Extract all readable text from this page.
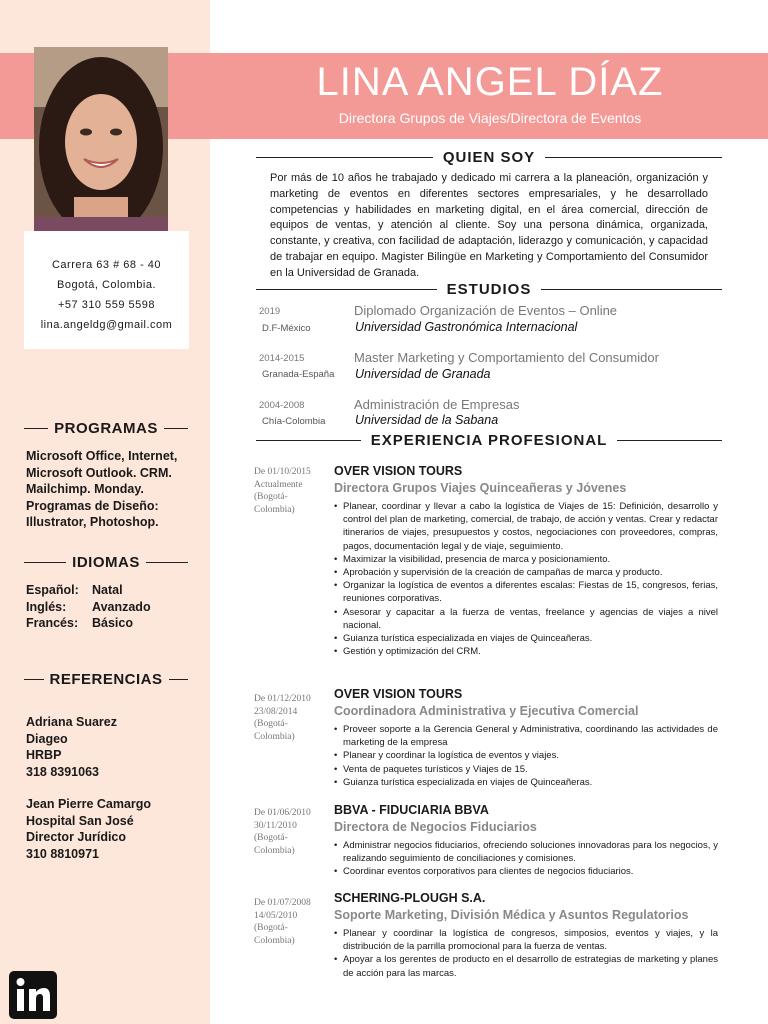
LINA ANGEL DÍAZ
Directora Grupos de Viajes/Directora de Eventos
Carrera 63 # 68 - 40
Bogotá, Colombia.
+57 310 559 5598
lina.angeldg@gmail.com
PROGRAMAS
Microsoft Office, Internet,
Microsoft Outlook. CRM.
Mailchimp. Monday.
Programas de Diseño:
Illustrator, Photoshop.
IDIOMAS
Español:	Natal
Inglés:	Avanzado
Francés:	Básico
REFERENCIAS
Adriana Suarez
Diageo
HRBP
318 8391063
Jean Pierre Camargo
Hospital San José
Director Jurídico
310 8810971
QUIEN SOY
Por más de 10 años he trabajado y dedicado mi carrera a la planeación, organización y marketing de eventos en diferentes sectores empresariales, y he desarrollado competencias y habilidades en marketing digital, en el área comercial, dirección de equipos de ventas, y atención al cliente. Soy una persona dinámica, organizada, constante, y creativa, con facilidad de adaptación, liderazgo y comunicación, y capacidad de trabajar en equipo. Magister Bilingüe en Marketing y Comportamiento del Consumidor en la Universidad de Granada.
ESTUDIOS
2019
D.F-México
Diplomado Organización de Eventos – Online
Universidad Gastronómica Internacional
2014-2015
Granada-España
Master Marketing y Comportamiento del Consumidor
Universidad de Granada
2004-2008
Chía-Colombia
Administración de Empresas
Universidad de la Sabana
EXPERIENCIA PROFESIONAL
De 01/10/2015
Actualmente
(Bogotá-
Colombia)
OVER VISION TOURS
Directora Grupos Viajes Quinceañeras y Jóvenes
• Planear, coordinar y llevar a cabo la logística de Viajes de 15: Definición, desarrollo y control del plan de marketing, comercial, de trabajo, de acción y ventas. Crear y redactar itinerarios de viajes, presupuestos y costos, negociaciones con proveedores, compras, pagos, documentación legal y de viaje, seguimiento.
• Maximizar la visibilidad, presencia de marca y posicionamiento.
• Aprobación y supervisión de la creación de campañas de marca y producto.
• Organizar la logística de eventos a diferentes escalas: Fiestas de 15, congresos, ferias, reuniones corporativas.
• Asesorar y capacitar a la fuerza de ventas, freelance y agencias de viajes a nivel nacional.
• Guianza turística especializada en viajes de Quinceañeras.
• Gestión y optimización del CRM.
De 01/12/2010
23/08/2014
(Bogotá-
Colombia)
OVER VISION TOURS
Coordinadora Administrativa y Ejecutiva Comercial
• Proveer soporte a la Gerencia General y Administrativa, coordinando las actividades de marketing de la empresa
• Planear y coordinar la logística de eventos y viajes.
• Venta de paquetes turísticos y Viajes de 15.
• Guianza turística especializada en viajes de Quinceañeras.
De 01/06/2010
30/11/2010
(Bogotá-
Colombia)
BBVA - FIDUCIARIA BBVA
Directora de Negocios Fiduciarios
• Administrar negocios fiduciarios, ofreciendo soluciones innovadoras para los negocios, y realizando seguimiento de conciliaciones y comisiones.
• Coordinar eventos corporativos para clientes de negocios fiduciarios.
De 01/07/2008
14/05/2010
(Bogotá-
Colombia)
SCHERING-PLOUGH S.A.
Soporte Marketing, División Médica y Asuntos Regulatorios
• Planear y coordinar la logística de congresos, simposios, eventos y viajes, y la distribución de la parrilla promocional para la fuerza de ventas.
• Apoyar a los gerentes de producto en el desarrollo de estrategias de marketing y planes de acción para las marcas.
